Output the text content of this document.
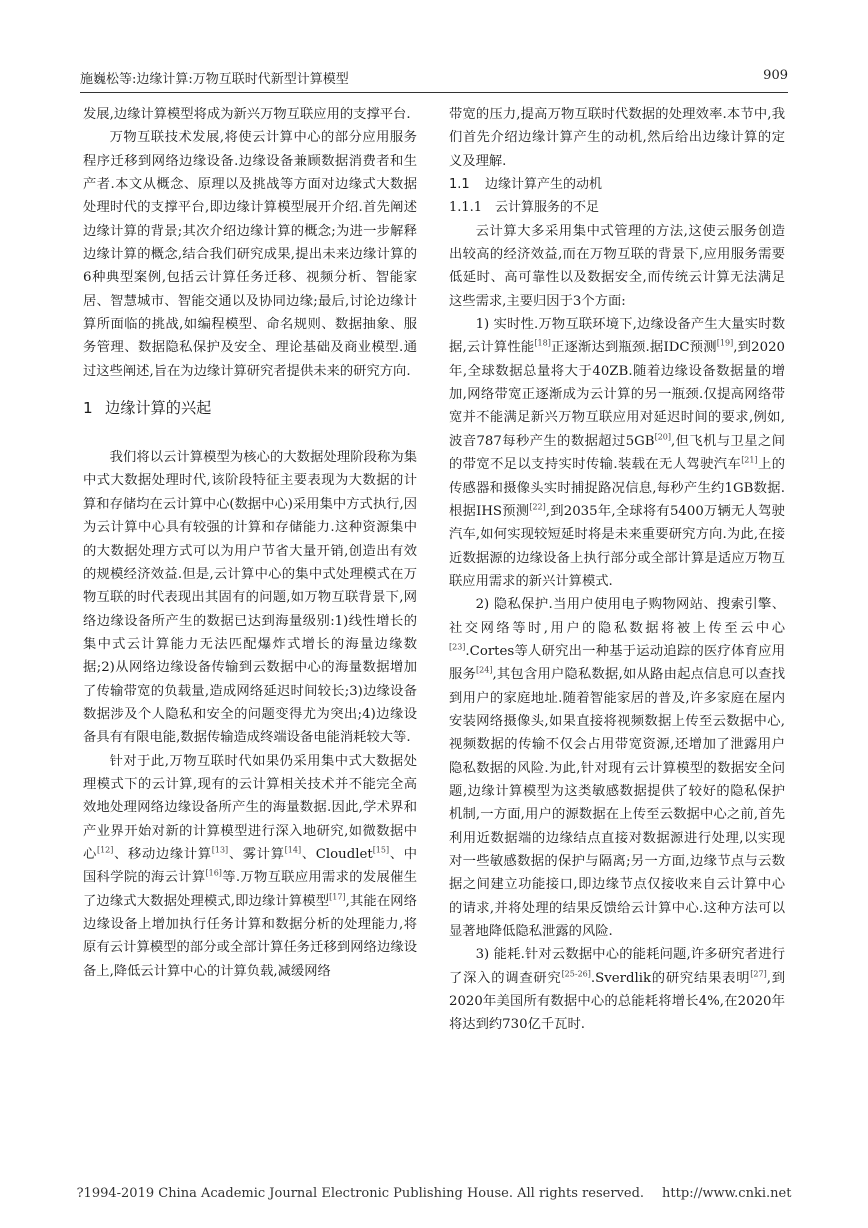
施巍松等:边缘计算:万物互联时代新型计算模型	909

发展,边缘计算模型将成为新兴万物互联应用的支撑平台.

万物互联技术发展,将使云计算中心的部分应用服务程序迁移到网络边缘设备.边缘设备兼顾数据消费者和生产者.本文从概念、原理以及挑战等方面对边缘式大数据处理时代的支撑平台,即边缘计算模型展开介绍.首先阐述边缘计算的背景;其次介绍边缘计算的概念;为进一步解释边缘计算的概念,结合我们研究成果,提出未来边缘计算的6种典型案例,包括云计算任务迁移、视频分析、智能家居、智慧城市、智能交通以及协同边缘;最后,讨论边缘计算所面临的挑战,如编程模型、命名规则、数据抽象、服务管理、数据隐私保护及安全、理论基础及商业模型.通过这些阐述,旨在为边缘计算研究者提供未来的研究方向.

1 边缘计算的兴起

我们将以云计算模型为核心的大数据处理阶段称为集中式大数据处理时代,该阶段特征主要表现为大数据的计算和存储均在云计算中心(数据中心)采用集中方式执行,因为云计算中心具有较强的计算和存储能力.这种资源集中的大数据处理方式可以为用户节省大量开销,创造出有效的规模经济效益.但是,云计算中心的集中式处理模式在万物互联的时代表现出其固有的问题,如万物互联背景下,网络边缘设备所产生的数据已达到海量级别:1)线性增长的集中式云计算能力无法匹配爆炸式增长的海量边缘数据;2)从网络边缘设备传输到云数据中心的海量数据增加了传输带宽的负载量,造成网络延迟时间较长;3)边缘设备数据涉及个人隐私和安全的问题变得尤为突出;4)边缘设备具有有限电能,数据传输造成终端设备电能消耗较大等.

针对于此,万物互联时代如果仍采用集中式大数据处理模式下的云计算,现有的云计算相关技术并不能完全高效地处理网络边缘设备所产生的海量数据.因此,学术界和产业界开始对新的计算模型进行深入地研究,如微数据中心[12]、移动边缘计算[13]、雾计算[14]、Cloudlet[15]、中国科学院的海云计算[16]等.万物互联应用需求的发展催生了边缘式大数据处理模式,即边缘计算模型[17],其能在网络边缘设备上增加执行任务计算和数据分析的处理能力,将原有云计算模型的部分或全部计算任务迁移到网络边缘设备上,降低云计算中心的计算负载,减缓网络

带宽的压力,提高万物互联时代数据的处理效率.本节中,我们首先介绍边缘计算产生的动机,然后给出边缘计算的定义及理解.

1.1 边缘计算产生的动机
1.1.1 云计算服务的不足

云计算大多采用集中式管理的方法,这使云服务创造出较高的经济效益,而在万物互联的背景下,应用服务需要低延时、高可靠性以及数据安全,而传统云计算无法满足这些需求,主要归因于3个方面:

1) 实时性.万物互联环境下,边缘设备产生大量实时数据,云计算性能[18]正逐渐达到瓶颈.据IDC预测[19],到2020年,全球数据总量将大于40ZB.随着边缘设备数据量的增加,网络带宽正逐渐成为云计算的另一瓶颈.仅提高网络带宽并不能满足新兴万物互联应用对延迟时间的要求,例如,波音787每秒产生的数据超过5GB[20],但飞机与卫星之间的带宽不足以支持实时传输.装载在无人驾驶汽车[21]上的传感器和摄像头实时捕捉路况信息,每秒产生约1GB数据.根据IHS预测[22],到2035年,全球将有5400万辆无人驾驶汽车,如何实现较短延时将是未来重要研究方向.为此,在接近数据源的边缘设备上执行部分或全部计算是适应万物互联应用需求的新兴计算模式.

2) 隐私保护.当用户使用电子购物网站、搜索引擎、社交网络等时,用户的隐私数据将被上传至云中心[23].Cortes等人研究出一种基于运动追踪的医疗体育应用服务[24],其包含用户隐私数据,如从路由起点信息可以查找到用户的家庭地址.随着智能家居的普及,许多家庭在屋内安装网络摄像头,如果直接将视频数据上传至云数据中心,视频数据的传输不仅会占用带宽资源,还增加了泄露用户隐私数据的风险.为此,针对现有云计算模型的数据安全问题,边缘计算模型为这类敏感数据提供了较好的隐私保护机制,一方面,用户的源数据在上传至云数据中心之前,首先利用近数据端的边缘结点直接对数据源进行处理,以实现对一些敏感数据的保护与隔离;另一方面,边缘节点与云数据之间建立功能接口,即边缘节点仅接收来自云计算中心的请求,并将处理的结果反馈给云计算中心.这种方法可以显著地降低隐私泄露的风险.

3) 能耗.针对云数据中心的能耗问题,许多研究者进行了深入的调查研究[25-26].Sverdlik的研究结果表明[27],到2020年美国所有数据中心的总能耗将增长4%,在2020年将达到约730亿千瓦时.

?1994-2019 China Academic Journal Electronic Publishing House. All rights reserved. http://www.cnki.net
